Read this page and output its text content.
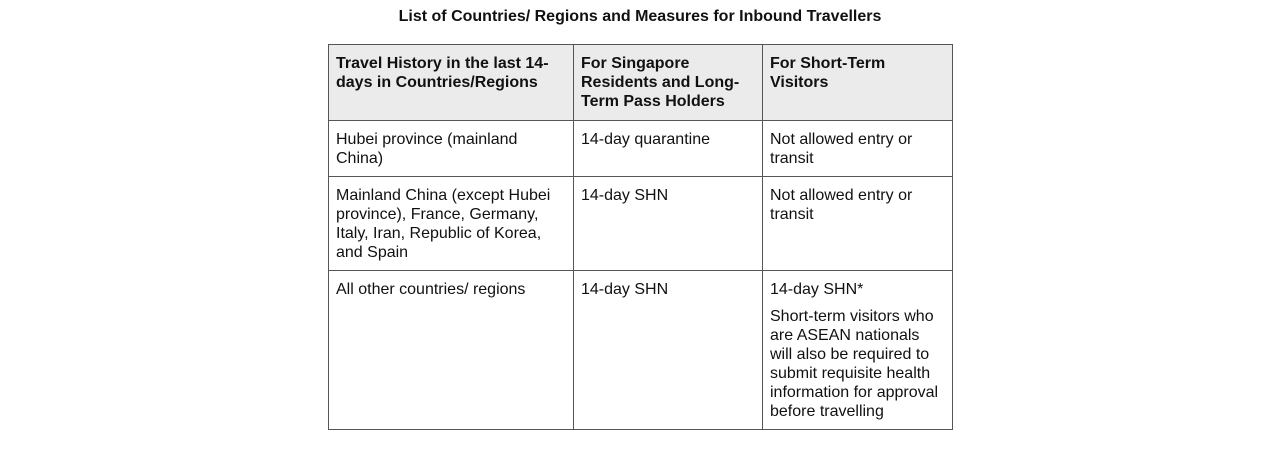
List of Countries/ Regions and Measures for Inbound Travellers
Travel History in the last 14-days in Countries/Regions	For Singapore Residents and Long-Term Pass Holders	For Short-Term Visitors
Hubei province (mainland China)	14-day quarantine	Not allowed entry or transit
Mainland China (except Hubei province), France, Germany, Italy, Iran, Republic of Korea, and Spain	14-day SHN	Not allowed entry or transit
All other countries/ regions	14-day SHN	14-day SHN*
Short-term visitors who are ASEAN nationals will also be required to submit requisite health information for approval before travelling
